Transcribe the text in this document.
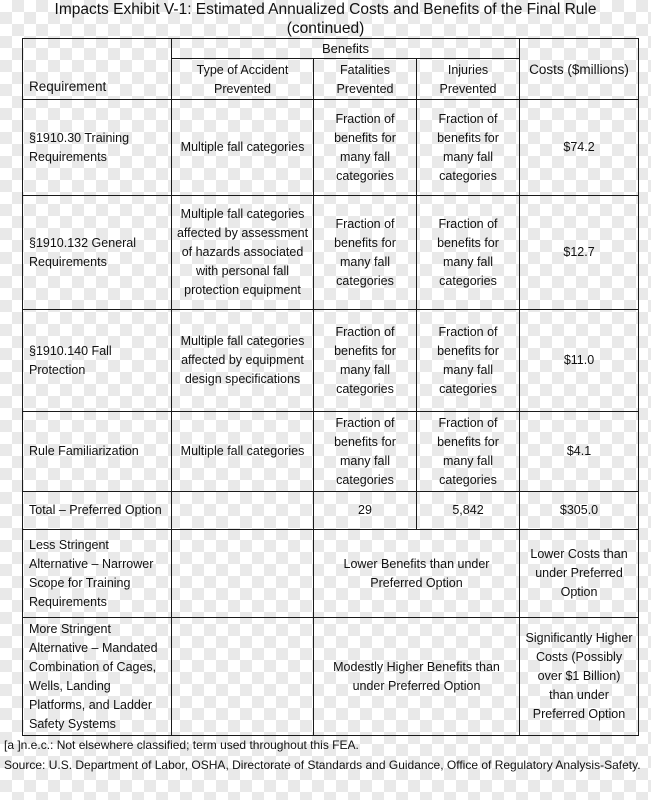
Impacts Exhibit V-1: Estimated Annualized Costs and Benefits of the Final Rule
(continued)
Requirement	Benefits			Costs ($millions)
	Type of Accident Prevented	Fatalities Prevented	Injuries Prevented	
§1910.30 Training Requirements	Multiple fall categories	Fraction of benefits for many fall categories	Fraction of benefits for many fall categories	$74.2
§1910.132 General Requirements	Multiple fall categories affected by assessment of hazards associated with personal fall protection equipment	Fraction of benefits for many fall categories	Fraction of benefits for many fall categories	$12.7
§1910.140 Fall Protection	Multiple fall categories affected by equipment design specifications	Fraction of benefits for many fall categories	Fraction of benefits for many fall categories	$11.0
Rule Familiarization	Multiple fall categories	Fraction of benefits for many fall categories	Fraction of benefits for many fall categories	$4.1
Total – Preferred Option		29	5,842	$305.0
Less Stringent Alternative – Narrower Scope for Training Requirements		Lower Benefits than under Preferred Option		Lower Costs than under Preferred Option
More Stringent Alternative – Mandated Combination of Cages, Wells, Landing Platforms, and Ladder Safety Systems		Modestly Higher Benefits than under Preferred Option		Significantly Higher Costs (Possibly over $1 Billion) than under Preferred Option
[a ]n.e.c.: Not elsewhere classified; term used throughout this FEA.
Source: U.S. Department of Labor, OSHA, Directorate of Standards and Guidance, Office of Regulatory Analysis-Safety.
